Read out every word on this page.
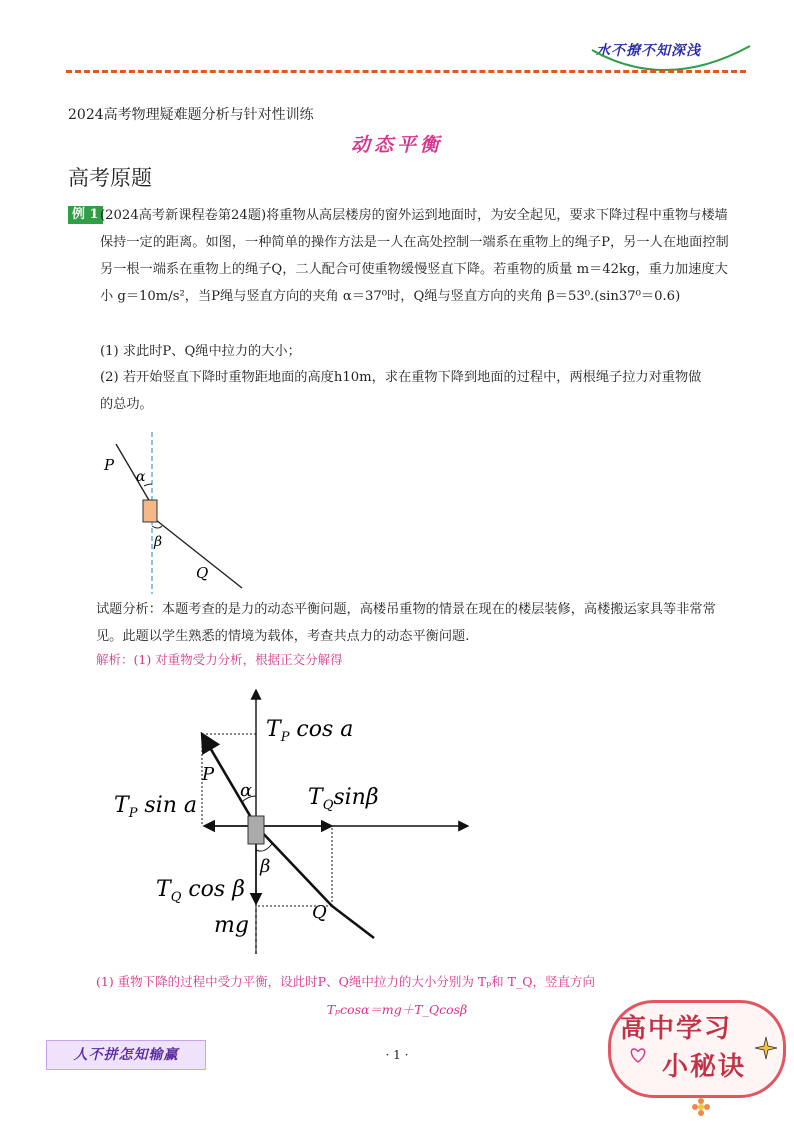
水不撩不知深浅
2024高考物理疑难题分析与针对性训练
动态平衡
高考原题
例 1 (2024高考新课程卷第24题)将重物从高层楼房的窗外运到地面时，为安全起见，要求下降过程中重物与楼墙保持一定的距离。如图，一种简单的操作方法是一人在高处控制一端系在重物上的绳子P，另一人在地面控制另一根一端系在重物上的绳子Q，二人配合可使重物缓慢竖直下降。若重物的质量 m＝42kg，重力加速度大小 g＝10m/s²，当P绳与竖直方向的夹角 α＝37⁰时，Q绳与竖直方向的夹角 β＝53⁰.(sin37⁰＝0.6)
(1) 求此时P、Q绳中拉力的大小；
(2) 若开始竖直下降时重物距地面的高度h10m，求在重物下降到地面的过程中，两根绳子拉力对重物做
的总功。
P
α
β
Q
试题分析：本题考查的是力的动态平衡问题，高楼吊重物的情景在现在的楼层装修，高楼搬运家具等非常常见。此题以学生熟悉的情境为载体，考查共点力的动态平衡问题.
解析：(1) 对重物受力分析，根据正交分解得
$T_P$ cos a
$T_P$ sin a	$T_Q\sin\beta$
$T_Q$ cos β
mg
P
Q
α
β
(1) 重物下降的过程中受力平衡，设此时P、Q绳中拉力的大小分别为 Tₚ和 T_Q，竖直方向
Tₚcosα＝mg＋T_Qcosβ
人不拼怎知输赢	· 1 ·
高中学习
小秘诀
